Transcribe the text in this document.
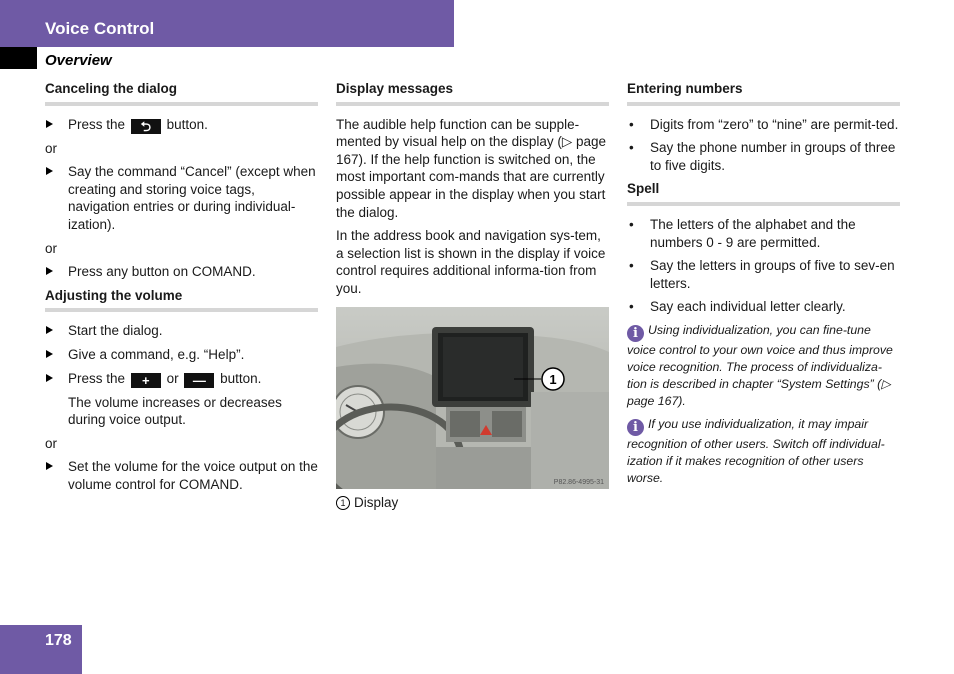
Voice Control
Overview
Canceling the dialog
Press the ⮌ button.
or
Say the command “Cancel” (except when creating and storing voice tags, navigation entries or during individual-ization).
or
Press any button on COMAND.
Adjusting the volume
Start the dialog.
Give a command, e.g. “Help”.
Press the + or — button.
The volume increases or decreases during voice output.
or
Set the volume for the voice output on the volume control for COMAND.
Display messages
The audible help function can be supple-mented by visual help on the display (▷ page 167). If the help function is switched on, the most important com-mands that are currently possible appear in the display when you start the dialog.
In the address book and navigation sys-tem, a selection list is shown in the display if voice control requires additional informa-tion from you.
1
P82.86-4995-31
1 Display
Entering numbers
• Digits from “zero” to “nine” are permit-ted.
• Say the phone number in groups of three to five digits.
Spell
• The letters of the alphabet and the numbers 0 - 9 are permitted.
• Say the letters in groups of five to sev-en letters.
• Say each individual letter clearly.
i Using individualization, you can fine-tune voice control to your own voice and thus improve voice recognition. The process of individualiza-tion is described in chapter “System Settings” (▷ page 167).
i If you use individualization, it may impair recognition of other users. Switch off individual-ization if it makes recognition of other users worse.
178
